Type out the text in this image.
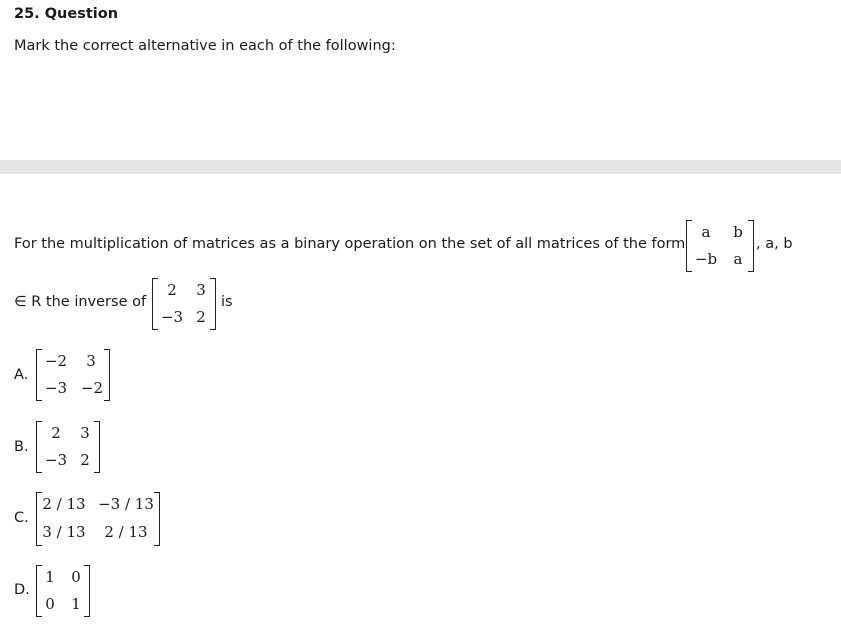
25. Question
Mark the correct alternative in each of the following:
For the multiplication of matrices as a binary operation on the set of all matrices of the form
a	b
−b	a
, a, b
∈ R the inverse of
2	3
−3 2
is
A.
−2	3
−3 −2
B.
2	3
−3 2
C.
2 / 13 −3 / 13
3 / 13 2 / 13
D.
1 0
0 1
